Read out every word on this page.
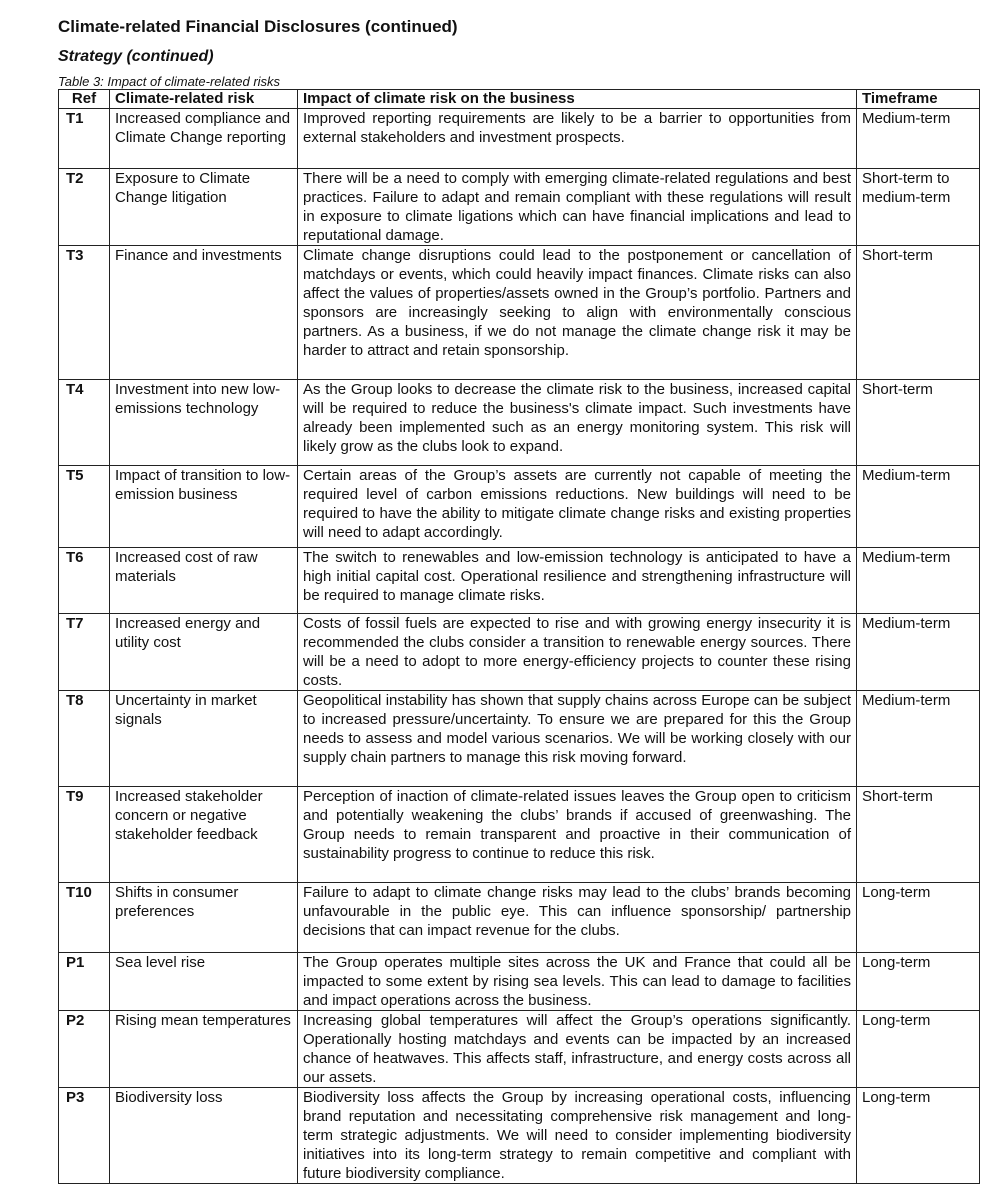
Climate-related Financial Disclosures (continued)
Strategy (continued)
Table 3: Impact of climate-related risks
Ref	Climate-related risk	Impact of climate risk on the business	Timeframe
T1	Increased compliance and Climate Change reporting	Improved reporting requirements are likely to be a barrier to opportunities from external stakeholders and investment prospects.	Medium-term
T2	Exposure to Climate Change litigation	There will be a need to comply with emerging climate-related regulations and best practices. Failure to adapt and remain compliant with these regulations will result in exposure to climate ligations which can have financial implications and lead to reputational damage.	Short-term to medium-term
T3	Finance and investments	Climate change disruptions could lead to the postponement or cancellation of matchdays or events, which could heavily impact finances. Climate risks can also affect the values of properties/assets owned in the Group’s portfolio. Partners and sponsors are increasingly seeking to align with environmentally conscious partners. As a business, if we do not manage the climate change risk it may be harder to attract and retain sponsorship.	Short-term
T4	Investment into new low-emissions technology	As the Group looks to decrease the climate risk to the business, increased capital will be required to reduce the business's climate impact. Such investments have already been implemented such as an energy monitoring system. This risk will likely grow as the clubs look to expand.	Short-term
T5	Impact of transition to low-emission business	Certain areas of the Group’s assets are currently not capable of meeting the required level of carbon emissions reductions. New buildings will need to be required to have the ability to mitigate climate change risks and existing properties will need to adapt accordingly.	Medium-term
T6	Increased cost of raw materials	The switch to renewables and low-emission technology is anticipated to have a high initial capital cost. Operational resilience and strengthening infrastructure will be required to manage climate risks.	Medium-term
T7	Increased energy and utility cost	Costs of fossil fuels are expected to rise and with growing energy insecurity it is recommended the clubs consider a transition to renewable energy sources. There will be a need to adopt to more energy-efficiency projects to counter these rising costs.	Medium-term
T8	Uncertainty in market signals	Geopolitical instability has shown that supply chains across Europe can be subject to increased pressure/uncertainty. To ensure we are prepared for this the Group needs to assess and model various scenarios. We will be working closely with our supply chain partners to manage this risk moving forward.	Medium-term
T9	Increased stakeholder concern or negative stakeholder feedback	Perception of inaction of climate-related issues leaves the Group open to criticism and potentially weakening the clubs’ brands if accused of greenwashing. The Group needs to remain transparent and proactive in their communication of sustainability progress to continue to reduce this risk.	Short-term
T10	Shifts in consumer preferences	Failure to adapt to climate change risks may lead to the clubs’ brands becoming unfavourable in the public eye. This can influence sponsorship/ partnership decisions that can impact revenue for the clubs.	Long-term
P1	Sea level rise	The Group operates multiple sites across the UK and France that could all be impacted to some extent by rising sea levels. This can lead to damage to facilities and impact operations across the business.	Long-term
P2	Rising mean temperatures	Increasing global temperatures will affect the Group’s operations significantly. Operationally hosting matchdays and events can be impacted by an increased chance of heatwaves. This affects staff, infrastructure, and energy costs across all our assets.	Long-term
P3	Biodiversity loss	Biodiversity loss affects the Group by increasing operational costs, influencing brand reputation and necessitating comprehensive risk management and long-term strategic adjustments. We will need to consider implementing biodiversity initiatives into its long-term strategy to remain competitive and compliant with future biodiversity compliance.	Long-term
